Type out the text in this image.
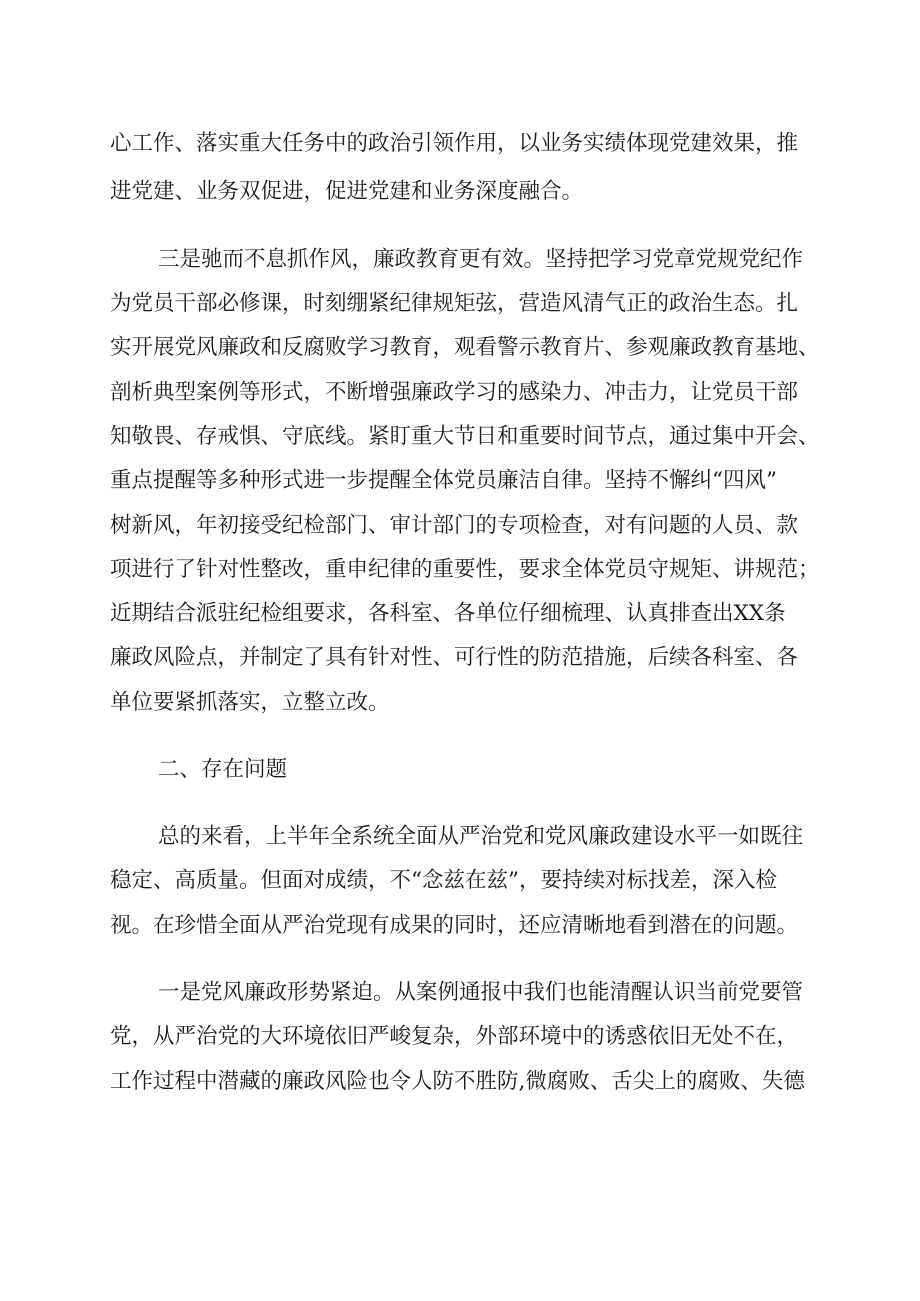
心工作、落实重大任务中的政治引领作用，以业务实绩体现党建效果，推
进党建、业务双促进，促进党建和业务深度融合。
三是驰而不息抓作风，廉政教育更有效。坚持把学习党章党规党纪作
为党员干部必修课，时刻绷紧纪律规矩弦，营造风清气正的政治生态。扎
实开展党风廉政和反腐败学习教育，观看警示教育片、参观廉政教育基地、
剖析典型案例等形式，不断增强廉政学习的感染力、冲击力，让党员干部
知敬畏、存戒惧、守底线。紧盯重大节日和重要时间节点，通过集中开会、
重点提醒等多种形式进一步提醒全体党员廉洁自律。坚持不懈纠“四风”
树新风，年初接受纪检部门、审计部门的专项检查，对有问题的人员、款
项进行了针对性整改，重申纪律的重要性，要求全体党员守规矩、讲规范；
近期结合派驻纪检组要求，各科室、各单位仔细梳理、认真排查出XX条
廉政风险点，并制定了具有针对性、可行性的防范措施，后续各科室、各
单位要紧抓落实，立整立改。
二、存在问题
总的来看，上半年全系统全面从严治党和党风廉政建设水平一如既往
稳定、高质量。但面对成绩，不“念兹在兹”，要持续对标找差，深入检
视。在珍惜全面从严治党现有成果的同时，还应清晰地看到潜在的问题。
一是党风廉政形势紧迫。从案例通报中我们也能清醒认识当前党要管
党，从严治党的大环境依旧严峻复杂，外部环境中的诱惑依旧无处不在，
工作过程中潜藏的廉政风险也令人防不胜防,微腐败、舌尖上的腐败、失德
